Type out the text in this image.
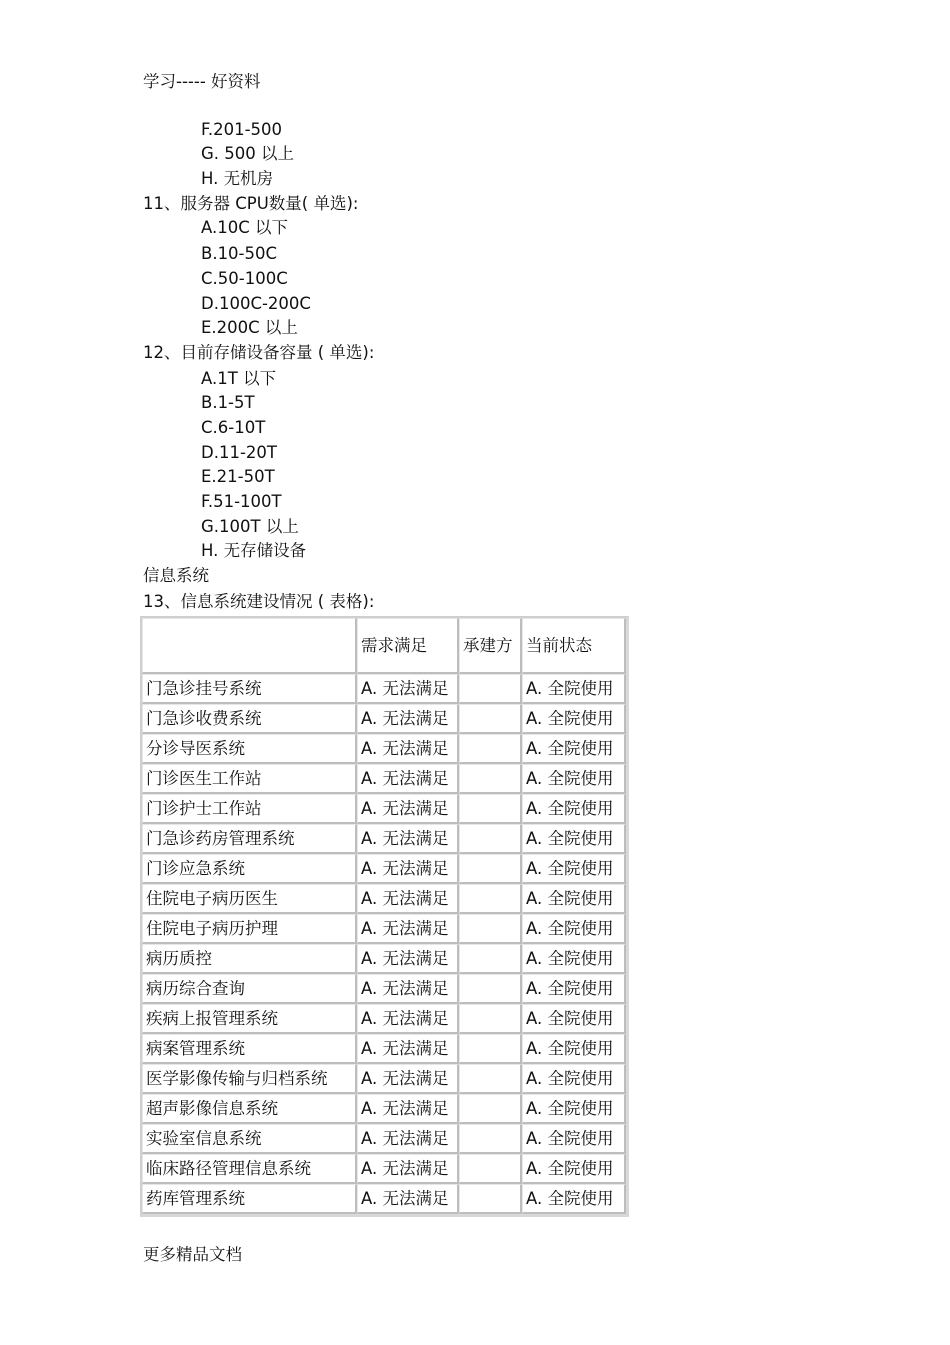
学习----- 好资料
F.201-500
G. 500 以上
H. 无机房
11、服务器 CPU数量( 单选):
A.10C 以下
B.10-50C
C.50-100C
D.100C-200C
E.200C 以上
12、目前存储设备容量 ( 单选):
A.1T 以下
B.1-5T
C.6-10T
D.11-20T
E.21-50T
F.51-100T
G.100T 以上
H. 无存储设备
信息系统
13、信息系统建设情况 ( 表格):
	需求满足	承建方	当前状态
门急诊挂号系统	A. 无法满足		A. 全院使用
门急诊收费系统	A. 无法满足		A. 全院使用
分诊导医系统	A. 无法满足		A. 全院使用
门诊医生工作站	A. 无法满足		A. 全院使用
门诊护士工作站	A. 无法满足		A. 全院使用
门急诊药房管理系统	A. 无法满足		A. 全院使用
门诊应急系统	A. 无法满足		A. 全院使用
住院电子病历医生	A. 无法满足		A. 全院使用
住院电子病历护理	A. 无法满足		A. 全院使用
病历质控	A. 无法满足		A. 全院使用
病历综合查询	A. 无法满足		A. 全院使用
疾病上报管理系统	A. 无法满足		A. 全院使用
病案管理系统	A. 无法满足		A. 全院使用
医学影像传输与归档系统	A. 无法满足		A. 全院使用
超声影像信息系统	A. 无法满足		A. 全院使用
实验室信息系统	A. 无法满足		A. 全院使用
临床路径管理信息系统	A. 无法满足		A. 全院使用
药库管理系统	A. 无法满足		A. 全院使用
更多精品文档
